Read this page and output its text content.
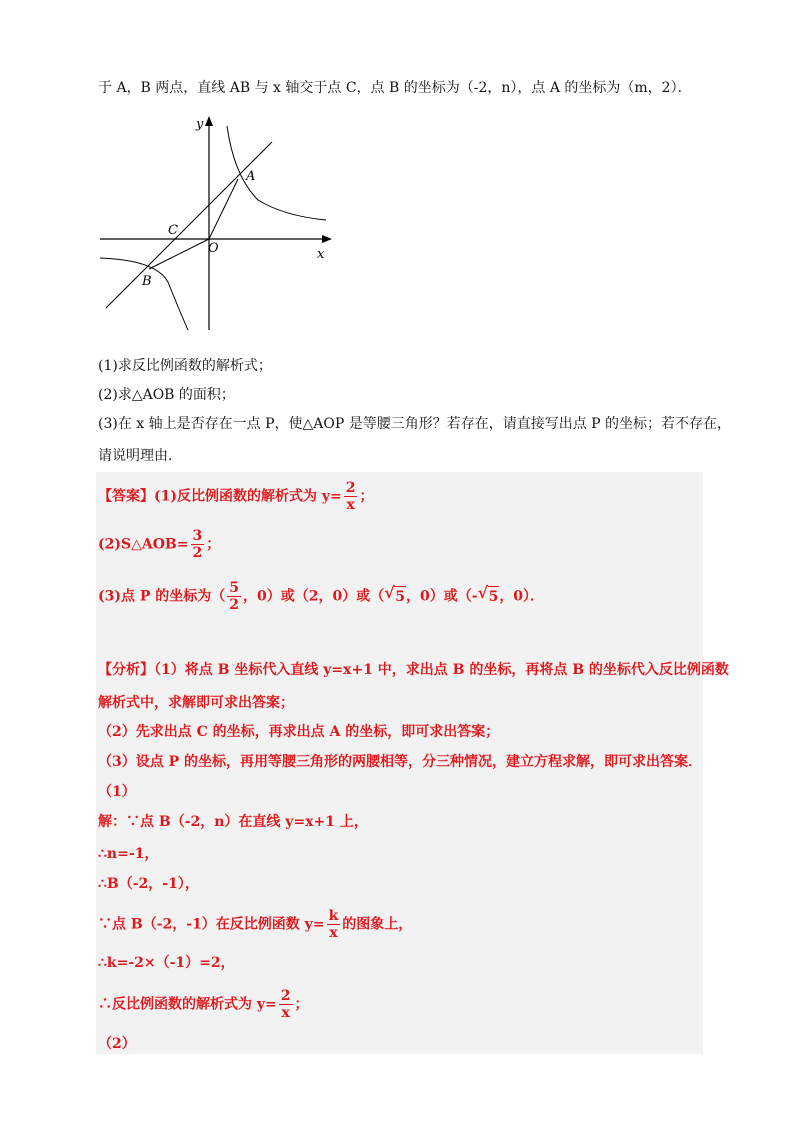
于 A，B 两点，直线 AB 与 x 轴交于点 C，点 B 的坐标为（-2，n），点 A 的坐标为（m，2）．
y
x
A
B
C
O
(1)求反比例函数的解析式；
(2)求△AOB 的面积；
(3)在 x 轴上是否存在一点 P，使△AOP 是等腰三角形？若存在，请直接写出点 P 的坐标；若不存在，
请说明理由．
【答案】(1)反比例函数的解析式为 $y= \frac{2}{x}$ ；
(2)S△AOB= $\frac{3}{2}$ ；
(3)点 P 的坐标为（ $\frac{5}{2}$ ，0）或（2，0）或（ √ 5，0）或（- √ 5，0）．
【分析】（1）将点 B 坐标代入直线 y=x+1 中，求出点 B 的坐标，再将点 B 的坐标代入反比例函数
解析式中，求解即可求出答案；
（2）先求出点 C 的坐标，再求出点 A 的坐标，即可求出答案；
（3）设点 P 的坐标，再用等腰三角形的两腰相等，分三种情况，建立方程求解，即可求出答案．
（1）
解：∵点 B（-2，n）在直线 y=x+1 上，
∴n=-1，
∴B（-2，-1），
∵点 B（-2，-1）在反比例函数 $y= \frac{k}{x}$ 的图象上，
∴k=-2×（-1）=2，
∴反比例函数的解析式为 $y= \frac{2}{x}$ ；
（2）
